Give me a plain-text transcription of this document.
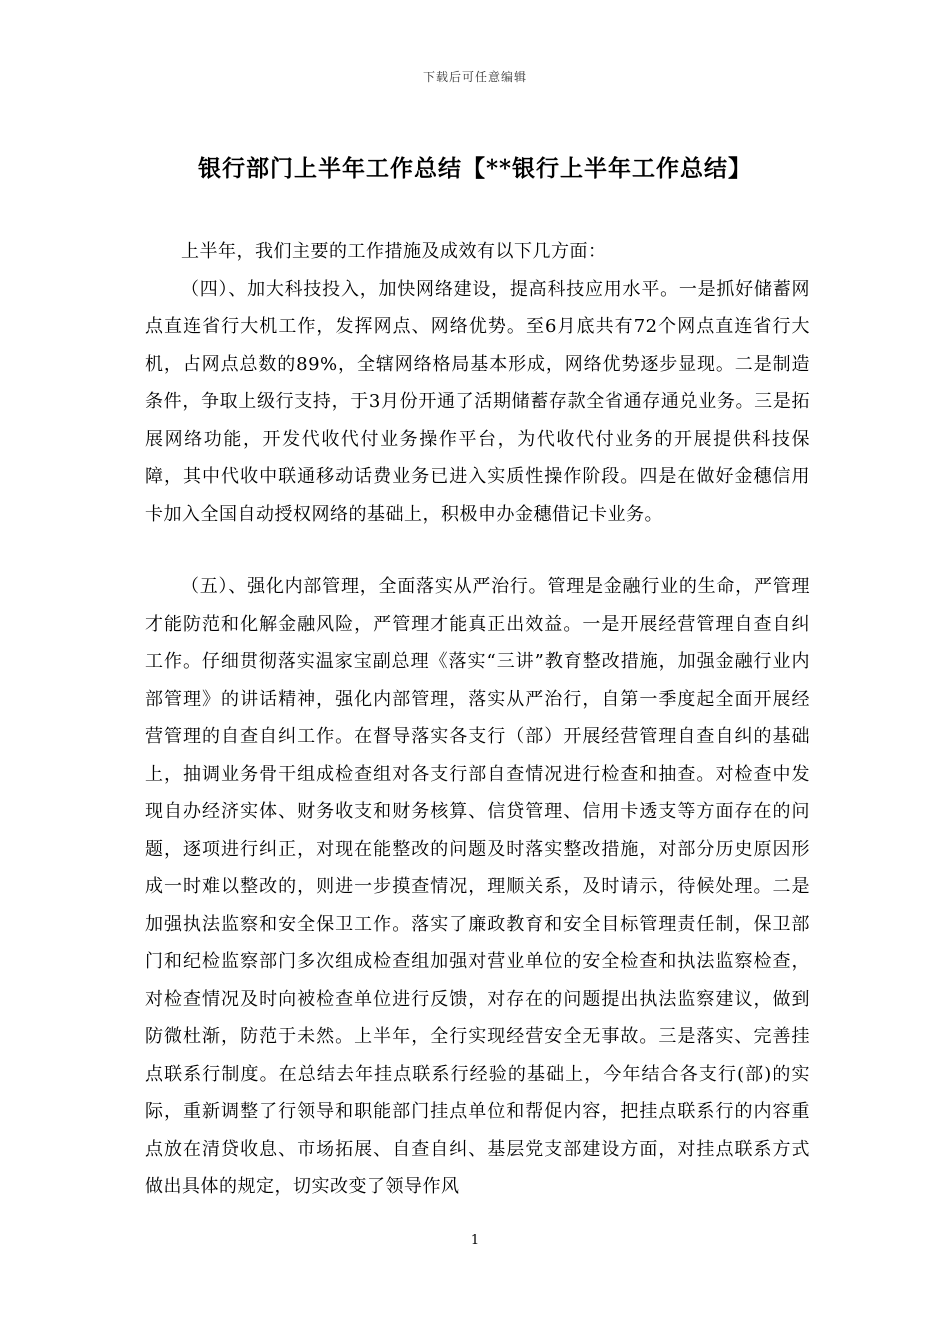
下载后可任意编辑
银行部门上半年工作总结【**银行上半年工作总结】

上半年，我们主要的工作措施及成效有以下几方面：

（四）、加大科技投入，加快网络建设，提高科技应用水平。一是抓好储蓄网点直连省行大机工作，发挥网点、网络优势。至6月底共有72个网点直连省行大机，占网点总数的89%，全辖网络格局基本形成，网络优势逐步显现。二是制造条件，争取上级行支持，于3月份开通了活期储蓄存款全省通存通兑业务。三是拓展网络功能，开发代收代付业务操作平台，为代收代付业务的开展提供科技保障，其中代收中联通移动话费业务已进入实质性操作阶段。四是在做好金穗信用卡加入全国自动授权网络的基础上，积极申办金穗借记卡业务。

（五）、强化内部管理，全面落实从严治行。管理是金融行业的生命，严管理才能防范和化解金融风险，严管理才能真正出效益。一是开展经营管理自查自纠工作。仔细贯彻落实温家宝副总理《落实“三讲”教育整改措施，加强金融行业内部管理》的讲话精神，强化内部管理，落实从严治行，自第一季度起全面开展经营管理的自查自纠工作。在督导落实各支行（部）开展经营管理自查自纠的基础上，抽调业务骨干组成检查组对各支行部自查情况进行检查和抽查。对检查中发现自办经济实体、财务收支和财务核算、信贷管理、信用卡透支等方面存在的问题，逐项进行纠正，对现在能整改的问题及时落实整改措施，对部分历史原因形成一时难以整改的，则进一步摸查情况，理顺关系，及时请示，待候处理。二是加强执法监察和安全保卫工作。落实了廉政教育和安全目标管理责任制，保卫部门和纪检监察部门多次组成检查组加强对营业单位的安全检查和执法监察检查，对检查情况及时向被检查单位进行反馈，对存在的问题提出执法监察建议，做到防微杜渐，防范于未然。上半年，全行实现经营安全无事故。三是落实、完善挂点联系行制度。在总结去年挂点联系行经验的基础上，今年结合各支行(部)的实际，重新调整了行领导和职能部门挂点单位和帮促内容，把挂点联系行的内容重点放在清贷收息、市场拓展、自查自纠、基层党支部建设方面，对挂点联系方式做出具体的规定，切实改变了领导作风

1
